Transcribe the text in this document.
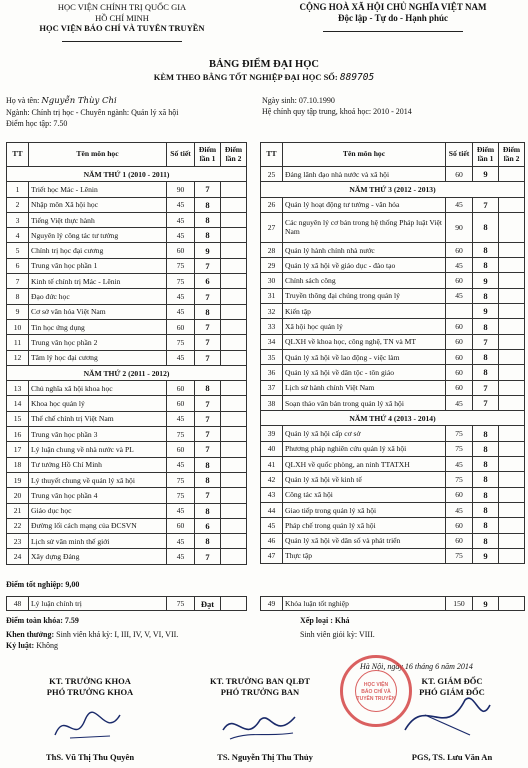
HỌC VIỆN CHÍNH TRỊ QUỐC GIA
HỒ CHÍ MINH
HỌC VIỆN BÁO CHÍ VÀ TUYÊN TRUYỀN
CỘNG HOÀ XÃ HỘI CHỦ NGHĨA VIỆT NAM
Độc lập - Tự do - Hạnh phúc
BẢNG ĐIỂM ĐẠI HỌC
KÈM THEO BẰNG TỐT NGHIỆP ĐẠI HỌC SỐ: 889705
Họ và tên: Nguyễn Thùy Chi
Ngành: Chính trị học - Chuyên ngành: Quản lý xã hội
Điểm học tập: 7.50
Ngày sinh: 07.10.1990
Hệ chính quy tập trung, khoá học: 2010 - 2014
TT	Tên môn học	Số tiết	Điểm lần 1	Điểm lần 2
NĂM THỨ 1 (2010 - 2011)				
1	Triết học Mác - Lênin	90	7	
2	Nhập môn Xã hội học	45	8	
3	Tiếng Việt thực hành	45	8	
4	Nguyên lý công tác tư tưởng	45	8	
5	Chính trị học đại cương	60	9	
6	Trung văn học phần 1	75	7	
7	Kinh tế chính trị Mác - Lênin	75	6	
8	Đạo đức học	45	7	
9	Cơ sở văn hóa Việt Nam	45	8	
10	Tin học ứng dụng	60	7	
11	Trung văn học phần 2	75	7	
12	Tâm lý học đại cương	45	7	
NĂM THỨ 2 (2011 - 2012)				
13	Chủ nghĩa xã hội khoa học	60	8	
14	Khoa học quản lý	60	7	
15	Thể chế chính trị Việt Nam	45	7	
16	Trung văn học phần 3	75	7	
17	Lý luận chung về nhà nước và PL	60	7	
18	Tư tưởng Hồ Chí Minh	45	8	
19	Lý thuyết chung về quản lý xã hội	75	8	
20	Trung văn học phần 4	75	7	
21	Giáo dục học	45	8	
22	Đường lối cách mạng của ĐCSVN	60	6	
23	Lịch sử văn minh thế giới	45	8	
24	Xây dựng Đảng	45	7	
TT	Tên môn học	Số tiết	Điểm lần 1	Điểm lần 2
25	Đảng lãnh đạo nhà nước và xã hội	60	9	
NĂM THỨ 3 (2012 - 2013)				
26	Quản lý hoạt động tư tưởng - văn hóa	45	7	
27	Các nguyên lý cơ bản trong hệ thống Pháp luật Việt Nam	90	8	
28	Quản lý hành chính nhà nước	60	8	
29	Quản lý xã hội về giáo dục - đào tạo	45	8	
30	Chính sách công	60	9	
31	Truyền thông đại chúng trong quản lý	45	8	
32	Kiến tập		9	
33	Xã hội học quản lý	60	8	
34	QLXH về khoa học, công nghệ, TN và MT	60	7	
35	Quản lý xã hội về lao động - việc làm	60	8	
36	Quản lý xã hội về dân tộc - tôn giáo	60	8	
37	Lịch sử hành chính Việt Nam	60	7	
38	Soạn thảo văn bản trong quản lý xã hội	45	7	
NĂM THỨ 4 (2013 - 2014)				
39	Quản lý xã hội cấp cơ sở	75	8	
40	Phương pháp nghiên cứu quản lý xã hội	75	8	
41	QLXH về quốc phòng, an ninh TTATXH	45	8	
42	Quản lý xã hội về kinh tế	75	8	
43	Công tác xã hội	60	8	
44	Giao tiếp trong quản lý xã hội	45	8	
45	Pháp chế trong quản lý xã hội	60	8	
46	Quản lý xã hội về dân số và phát triển	60	8	
47	Thực tập	75	9	
Điểm tốt nghiệp: 9,00
48	Lý luận chính trị	75	Đạt		49	Khóa luận tốt nghiệp	150	9	
Điểm toàn khóa: 7.59	Xếp loại : Khá
Khen thưởng: Sinh viên khá kỳ: I, III, IV, V, VI, VII.	Sinh viên giỏi kỳ: VIII.
Kỷ luật: Không
Hà Nội, ngày 16 tháng 6 năm 2014
KT. TRƯỞNG KHOA
PHÓ TRƯỞNG KHOA
KT. TRƯỞNG BAN QLĐT
PHÓ TRƯỞNG BAN
KT. GIÁM ĐỐC
PHÓ GIÁM ĐỐC
HỌC VIỆN
BÁO CHÍ VÀ
TUYÊN TRUYỀN
ThS. Vũ Thị Thu Quyên	TS. Nguyễn Thị Thu Thủy	PGS, TS. Lưu Văn An
